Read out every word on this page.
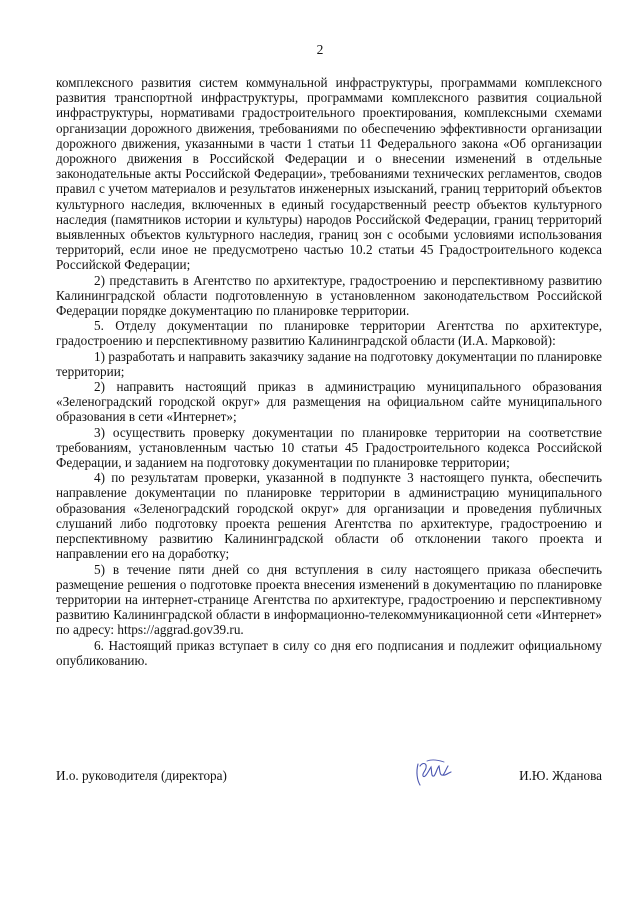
2

комплексного развития систем коммунальной инфраструктуры, программами комплексного развития транспортной инфраструктуры, программами комплексного развития социальной инфраструктуры, нормативами градостроительного проектирования, комплексными схемами организации дорожного движения, требованиями по обеспечению эффективности организации дорожного движения, указанными в части 1 статьи 11 Федерального закона «Об организации дорожного движения в Российской Федерации и о внесении изменений в отдельные законодательные акты Российской Федерации», требованиями технических регламентов, сводов правил с учетом материалов и результатов инженерных изысканий, границ территорий объектов культурного наследия, включенных в единый государственный реестр объектов культурного наследия (памятников истории и культуры) народов Российской Федерации, границ территорий выявленных объектов культурного наследия, границ зон с особыми условиями использования территорий, если иное не предусмотрено частью 10.2 статьи 45 Градостроительного кодекса Российской Федерации;

2) представить в Агентство по архитектуре, градостроению и перспективному развитию Калининградской области подготовленную в установленном законодательством Российской Федерации порядке документацию по планировке территории.

5. Отделу документации по планировке территории Агентства по архитектуре, градостроению и перспективному развитию Калининградской области (И.А. Марковой):

1) разработать и направить заказчику задание на подготовку документации по планировке территории;

2) направить настоящий приказ в администрацию муниципального образования «Зеленоградский городской округ» для размещения на официальном сайте муниципального образования в сети «Интернет»;

3) осуществить проверку документации по планировке территории на соответствие требованиям, установленным частью 10 статьи 45 Градостроительного кодекса Российской Федерации, и заданием на подготовку документации по планировке территории;

4) по результатам проверки, указанной в подпункте 3 настоящего пункта, обеспечить направление документации по планировке территории в администрацию муниципального образования «Зеленоградский городской округ» для организации и проведения публичных слушаний либо подготовку проекта решения Агентства по архитектуре, градостроению и перспективному развитию Калининградской области об отклонении такого проекта и направлении его на доработку;

5) в течение пяти дней со дня вступления в силу настоящего приказа обеспечить размещение решения о подготовке проекта внесения изменений в документацию по планировке территории на интернет-странице Агентства по архитектуре, градостроению и перспективному развитию Калининградской области в информационно-телекоммуникационной сети «Интернет» по адресу: https://aggrad.gov39.ru.

6. Настоящий приказ вступает в силу со дня его подписания и подлежит официальному опубликованию.

И.о. руководителя (директора)	И.Ю. Жданова
